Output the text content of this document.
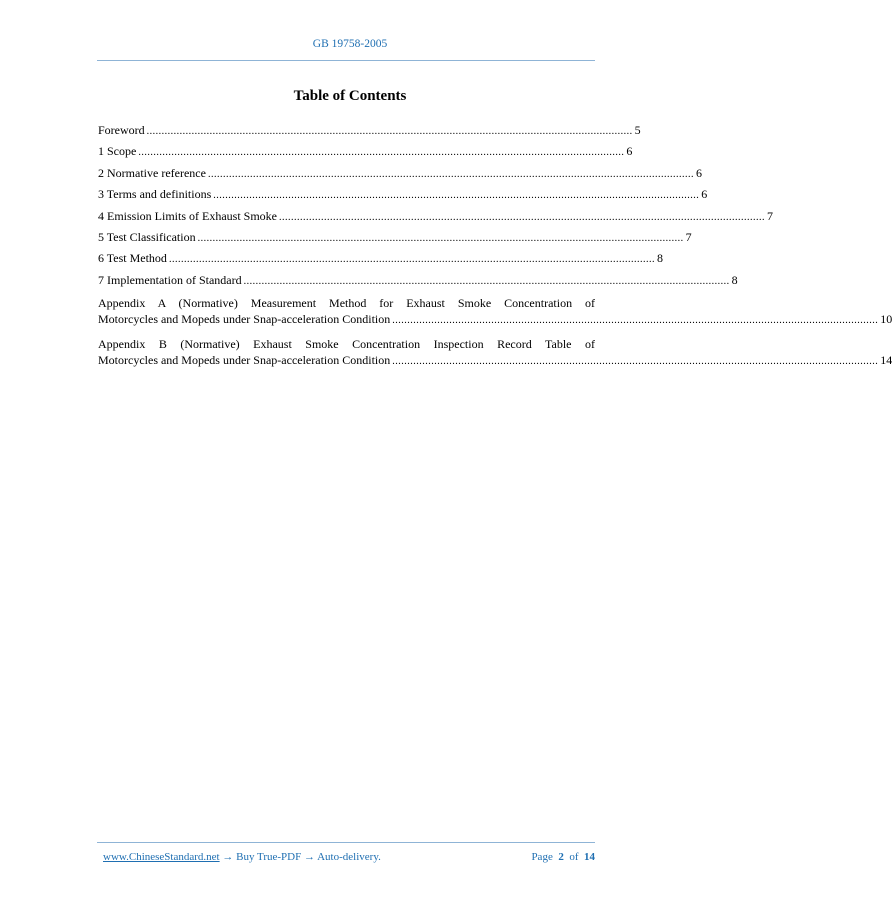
GB 19758-2005
Table of Contents
Foreword .................................................................................................................................................................. 5
1 Scope .................................................................................................................................................................. 6
2 Normative reference .................................................................................................................................................................. 6
3 Terms and definitions .................................................................................................................................................................. 6
4 Emission Limits of Exhaust Smoke .................................................................................................................................................................. 7
5 Test Classification .................................................................................................................................................................. 7
6 Test Method .................................................................................................................................................................. 8
7 Implementation of Standard .................................................................................................................................................................. 8
Appendix A (Normative) Measurement Method for Exhaust Smoke Concentration of
Motorcycles and Mopeds under Snap-acceleration Condition .................................................................................................................................................................. 10
Appendix B (Normative) Exhaust Smoke Concentration Inspection Record Table of
Motorcycles and Mopeds under Snap-acceleration Condition .................................................................................................................................................................. 14
www.ChineseStandard.net → Buy True-PDF → Auto-delivery.	Page 2 of 14
